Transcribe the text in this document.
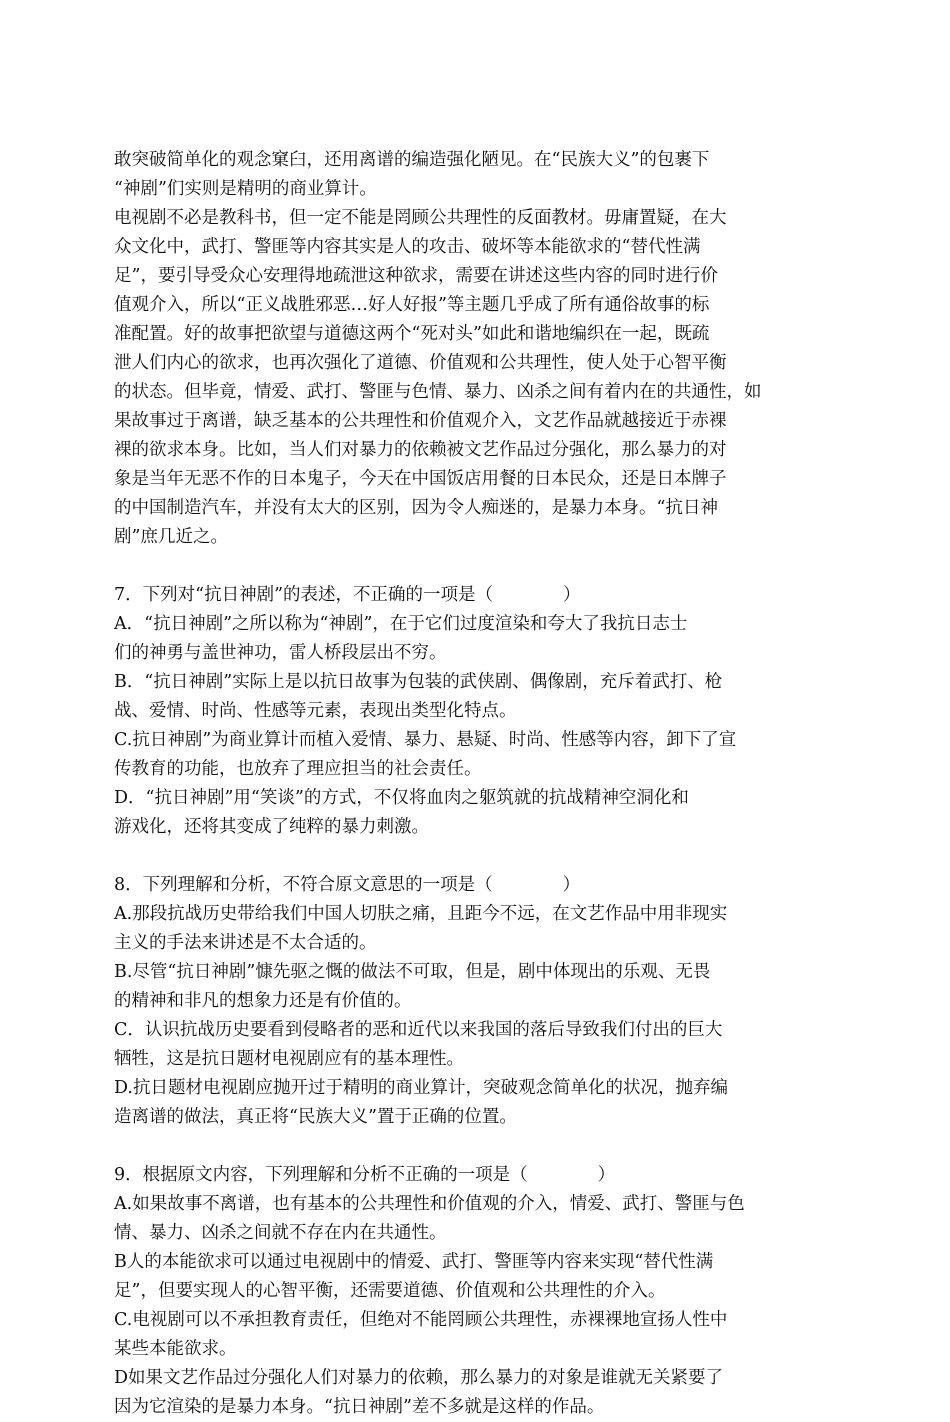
敢突破简单化的观念窠臼，还用离谱的编造强化陋见。在“民族大义”的包裹下
“神剧”们实则是精明的商业算计。
电视剧不必是教科书，但一定不能是罔顾公共理性的反面教材。毋庸置疑，在大
众文化中，武打、警匪等内容其实是人的攻击、破坏等本能欲求的“替代性满
足”，要引导受众心安理得地疏泄这种欲求，需要在讲述这些内容的同时进行价
值观介入，所以“正义战胜邪恶…好人好报”等主题几乎成了所有通俗故事的标
准配置。好的故事把欲望与道德这两个“死对头”如此和谐地编织在一起，既疏
泄人们内心的欲求，也再次强化了道德、价值观和公共理性，使人处于心智平衡
的状态。但毕竟，情爱、武打、警匪与色情、暴力、凶杀之间有着内在的共通性，如
果故事过于离谱，缺乏基本的公共理性和价值观介入，文艺作品就越接近于赤裸
裸的欲求本身。比如，当人们对暴力的依赖被文艺作品过分强化，那么暴力的对
象是当年无恶不作的日本鬼子，今天在中国饭店用餐的日本民众，还是日本牌子
的中国制造汽车，并没有太大的区别，因为令人痴迷的，是暴力本身。“抗日神
剧”庶几近之。
7．下列对“抗日神剧”的表述，不正确的一项是（　　　　）
A．“抗日神剧”之所以称为“神剧”，在于它们过度渲染和夸大了我抗日志士
们的神勇与盖世神功，雷人桥段层出不穷。
B．“抗日神剧”实际上是以抗日故事为包装的武侠剧、偶像剧，充斥着武打、枪
战、爱情、时尚、性感等元素，表现出类型化特点。
C.抗日神剧”为商业算计而植入爱情、暴力、悬疑、时尚、性感等内容，卸下了宣
传教育的功能，也放弃了理应担当的社会责任。
D．“抗日神剧”用“笑谈”的方式，不仅将血肉之躯筑就的抗战精神空洞化和
游戏化，还将其变成了纯粹的暴力刺激。
8．下列理解和分析，不符合原文意思的一项是（　　　　）
A.那段抗战历史带给我们中国人切肤之痛，且距今不远，在文艺作品中用非现实
主义的手法来讲述是不太合适的。
B.尽管“抗日神剧”慷先驱之慨的做法不可取，但是，剧中体现出的乐观、无畏
的精神和非凡的想象力还是有价值的。
C．认识抗战历史要看到侵略者的恶和近代以来我国的落后导致我们付出的巨大
牺牲，这是抗日题材电视剧应有的基本理性。
D.抗日题材电视剧应抛开过于精明的商业算计，突破观念简单化的状况，抛弃编
造离谱的做法，真正将“民族大义”置于正确的位置。
9．根据原文内容，下列理解和分析不正确的一项是（　　　　）
A.如果故事不离谱，也有基本的公共理性和价值观的介入，情爱、武打、警匪与色
情、暴力、凶杀之间就不存在内在共通性。
B人的本能欲求可以通过电视剧中的情爱、武打、警匪等内容来实现“替代性满
足”，但要实现人的心智平衡，还需要道德、价值观和公共理性的介入。
C.电视剧可以不承担教育责任，但绝对不能罔顾公共理性，赤裸裸地宣扬人性中
某些本能欲求。
D如果文艺作品过分强化人们对暴力的依赖，那么暴力的对象是谁就无关紧要了
因为它渲染的是暴力本身。“抗日神剧”差不多就是这样的作品。
